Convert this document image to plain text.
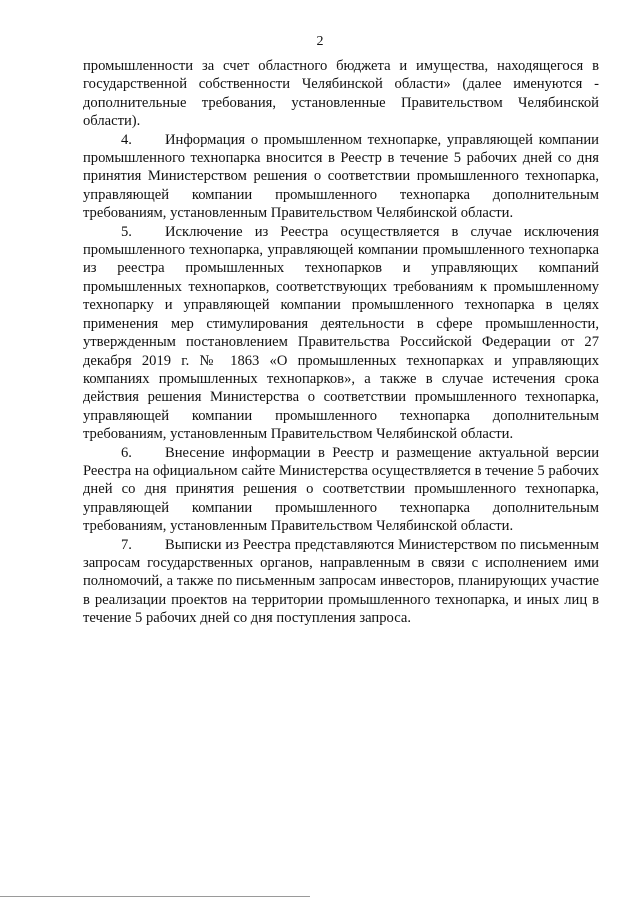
2

промышленности за счет областного бюджета и имущества, находящегося в государственной собственности Челябинской области» (далее именуются - дополнительные требования, установленные Правительством Челябинской области).

4. Информация о промышленном технопарке, управляющей компании промышленного технопарка вносится в Реестр в течение 5 рабочих дней со дня принятия Министерством решения о соответствии промышленного технопарка, управляющей компании промышленного технопарка дополнительным требованиям, установленным Правительством Челябинской области.

5. Исключение из Реестра осуществляется в случае исключения промышленного технопарка, управляющей компании промышленного технопарка из реестра промышленных технопарков и управляющих компаний промышленных технопарков, соответствующих требованиям к промышленному технопарку и управляющей компании промышленного технопарка в целях применения мер стимулирования деятельности в сфере промышленности, утвержденным постановлением Правительства Российской Федерации от 27 декабря 2019 г. № 1863 «О промышленных технопарках и управляющих компаниях промышленных технопарков», а также в случае истечения срока действия решения Министерства о соответствии промышленного технопарка, управляющей компании промышленного технопарка дополнительным требованиям, установленным Правительством Челябинской области.

6. Внесение информации в Реестр и размещение актуальной версии Реестра на официальном сайте Министерства осуществляется в течение 5 рабочих дней со дня принятия решения о соответствии промышленного технопарка, управляющей компании промышленного технопарка дополнительным требованиям, установленным Правительством Челябинской области.

7. Выписки из Реестра представляются Министерством по письменным запросам государственных органов, направленным в связи с исполнением ими полномочий, а также по письменным запросам инвесторов, планирующих участие в реализации проектов на территории промышленного технопарка, и иных лиц в течение 5 рабочих дней со дня поступления запроса.
